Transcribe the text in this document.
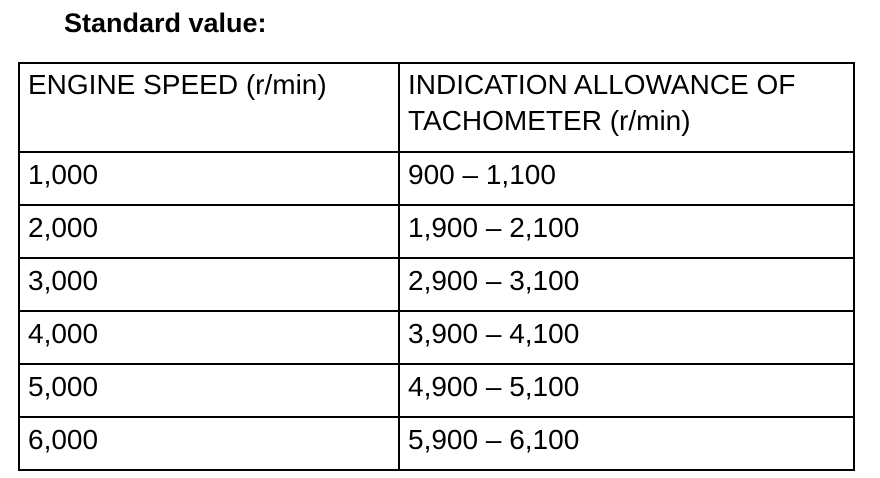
Standard value:
ENGINE SPEED (r/min)	INDICATION ALLOWANCE OF TACHOMETER (r/min)
1,000	900 – 1,100
2,000	1,900 – 2,100
3,000	2,900 – 3,100
4,000	3,900 – 4,100
5,000	4,900 – 5,100
6,000	5,900 – 6,100
